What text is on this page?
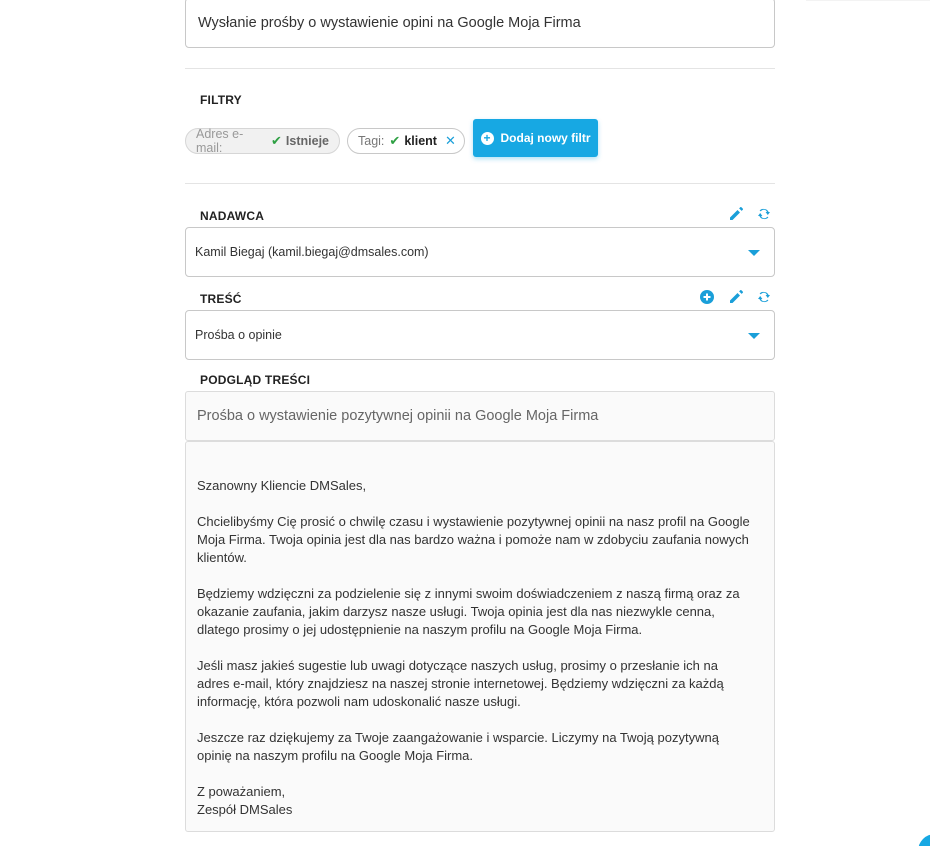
Wysłanie prośby o wystawienie opini na Google Moja Firma
FILTRY
Adres e-mail:	✔ Istnieje Tagi: ✔ klient ✕ + Dodaj nowy filtr
NADAWCA
Kamil Biegaj (kamil.biegaj@dmsales.com)
TREŚĆ
Prośba o opinie
PODGLĄD TREŚCI
Prośba o wystawienie pozytywnej opinii na Google Moja Firma

Szanowny Kliencie DMSales,

Chcielibyśmy Cię prosić o chwilę czasu i wystawienie pozytywnej opinii na nasz profil na Google Moja Firma. Twoja opinia jest dla nas bardzo ważna i pomoże nam w zdobyciu zaufania nowych klientów.

Będziemy wdzięczni za podzielenie się z innymi swoim doświadczeniem z naszą firmą oraz za okazanie zaufania, jakim darzysz nasze usługi. Twoja opinia jest dla nas niezwykle cenna, dlatego prosimy o jej udostępnienie na naszym profilu na Google Moja Firma.

Jeśli masz jakieś sugestie lub uwagi dotyczące naszych usług, prosimy o przesłanie ich na adres e-mail, który znajdziesz na naszej stronie internetowej. Będziemy wdzięczni za każdą informację, która pozwoli nam udoskonalić nasze usługi.

Jeszcze raz dziękujemy za Twoje zaangażowanie i wsparcie. Liczymy na Twoją pozytywną opinię na naszym profilu na Google Moja Firma.

Z poważaniem,

Zespół DMSales
